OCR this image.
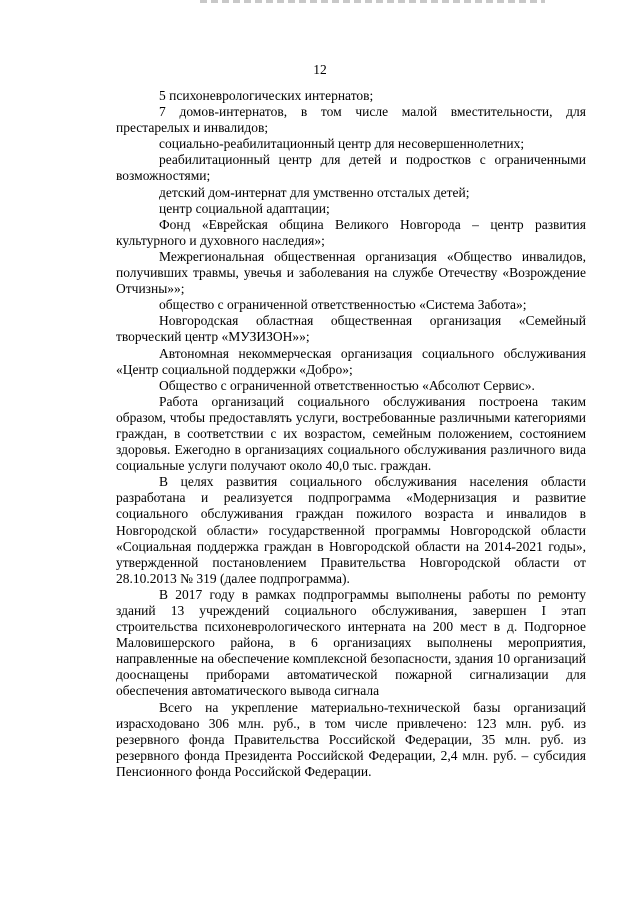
12

5 психоневрологических интернатов;

7 домов-интернатов, в том числе малой вместительности, для престарелых и инвалидов;

социально-реабилитационный центр для несовершеннолетних;

реабилитационный центр для детей и подростков с ограниченными возможностями;

детский дом-интернат для умственно отсталых детей;

центр социальной адаптации;

Фонд «Еврейская община Великого Новгорода – центр развития культурного и духовного наследия»;

Межрегиональная общественная организация «Общество инвалидов, получивших травмы, увечья и заболевания на службе Отечеству «Возрождение Отчизны»»;

общество с ограниченной ответственностью «Система Забота»;

Новгородская областная общественная организация «Семейный творческий центр «МУЗИЗОН»»;

Автономная некоммерческая организация социального обслуживания «Центр социальной поддержки «Добро»;

Общество с ограниченной ответственностью «Абсолют Сервис».

Работа организаций социального обслуживания построена таким образом, чтобы предоставлять услуги, востребованные различными категориями граждан, в соответствии с их возрастом, семейным положением, состоянием здоровья. Ежегодно в организациях социального обслуживания различного вида социальные услуги получают около 40,0 тыс. граждан.

В целях развития социального обслуживания населения области разработана и реализуется подпрограмма «Модернизация и развитие социального обслуживания граждан пожилого возраста и инвалидов в Новгородской области» государственной программы Новгородской области «Социальная поддержка граждан в Новгородской области на 2014-2021 годы», утвержденной постановлением Правительства Новгородской области от 28.10.2013 № 319 (далее подпрограмма).

В 2017 году в рамках подпрограммы выполнены работы по ремонту зданий 13 учреждений социального обслуживания, завершен I этап строительства психоневрологического интерната на 200 мест в д. Подгорное Маловишерского района, в 6 организациях выполнены мероприятия, направленные на обеспечение комплексной безопасности, здания 10 организаций дооснащены приборами автоматической пожарной сигнализации для обеспечения автоматического вывода сигнала

Всего на укрепление материально-технической базы организаций израсходовано 306 млн. руб., в том числе привлечено: 123 млн. руб. из резервного фонда Правительства Российской Федерации, 35 млн. руб. из резервного фонда Президента Российской Федерации, 2,4 млн. руб. – субсидия Пенсионного фонда Российской Федерации.
